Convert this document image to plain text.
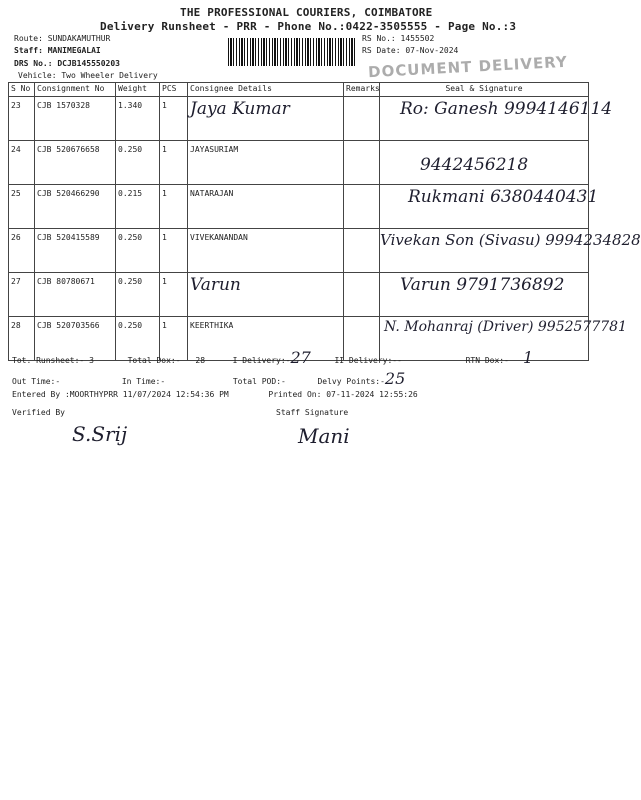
THE PROFESSIONAL COURIERS, COIMBATORE
Delivery Runsheet - PRR - Phone No.:0422-3505555 - Page No.:3
Route: SUNDAKAMUTHUR
Staff: MANIMEGALAI
DRS No.: DCJB145550203
Vehicle: Two Wheeler Delivery
RS No.: 1455502
RS Date: 07-Nov-2024
DOCUMENT DELIVERY
S No	Consignment No	Weight	PCS	Consignee Details	Remarks	Seal & Signature
23	CJB 1570328	1.340	1	Jaya Kumar		Ro: Ganesh 9994146114

24	CJB 520676658	0.250	1	JAYASURIAM		9442456218

25	CJB 520466290	0.215	1	NATARAJAN		Rukmani 6380440431

26	CJB 520415589	0.250	1	VIVEKANANDAN		Vivekan Son (Sivasu) 9994234828

27	CJB 80780671	0.250	1	Varun		Varun 9791736892

28	CJB 520703566	0.250	1	KEERTHIKA		N. Mohanraj (Driver) 9952577781
Tot. Runsheet:- 3	Total Dox:- 28	I Delivery:-27	II Delivery:--	RTN Dox:- 1
Out Time:-	In Time:-	Total POD:-	Delvy Points:-25
Entered By :MOORTHYPRR 11/07/2024 12:54:36 PM	Printed On: 07-11-2024 12:55:26
Verified By	Staff Signature
S.Srij	Mani
